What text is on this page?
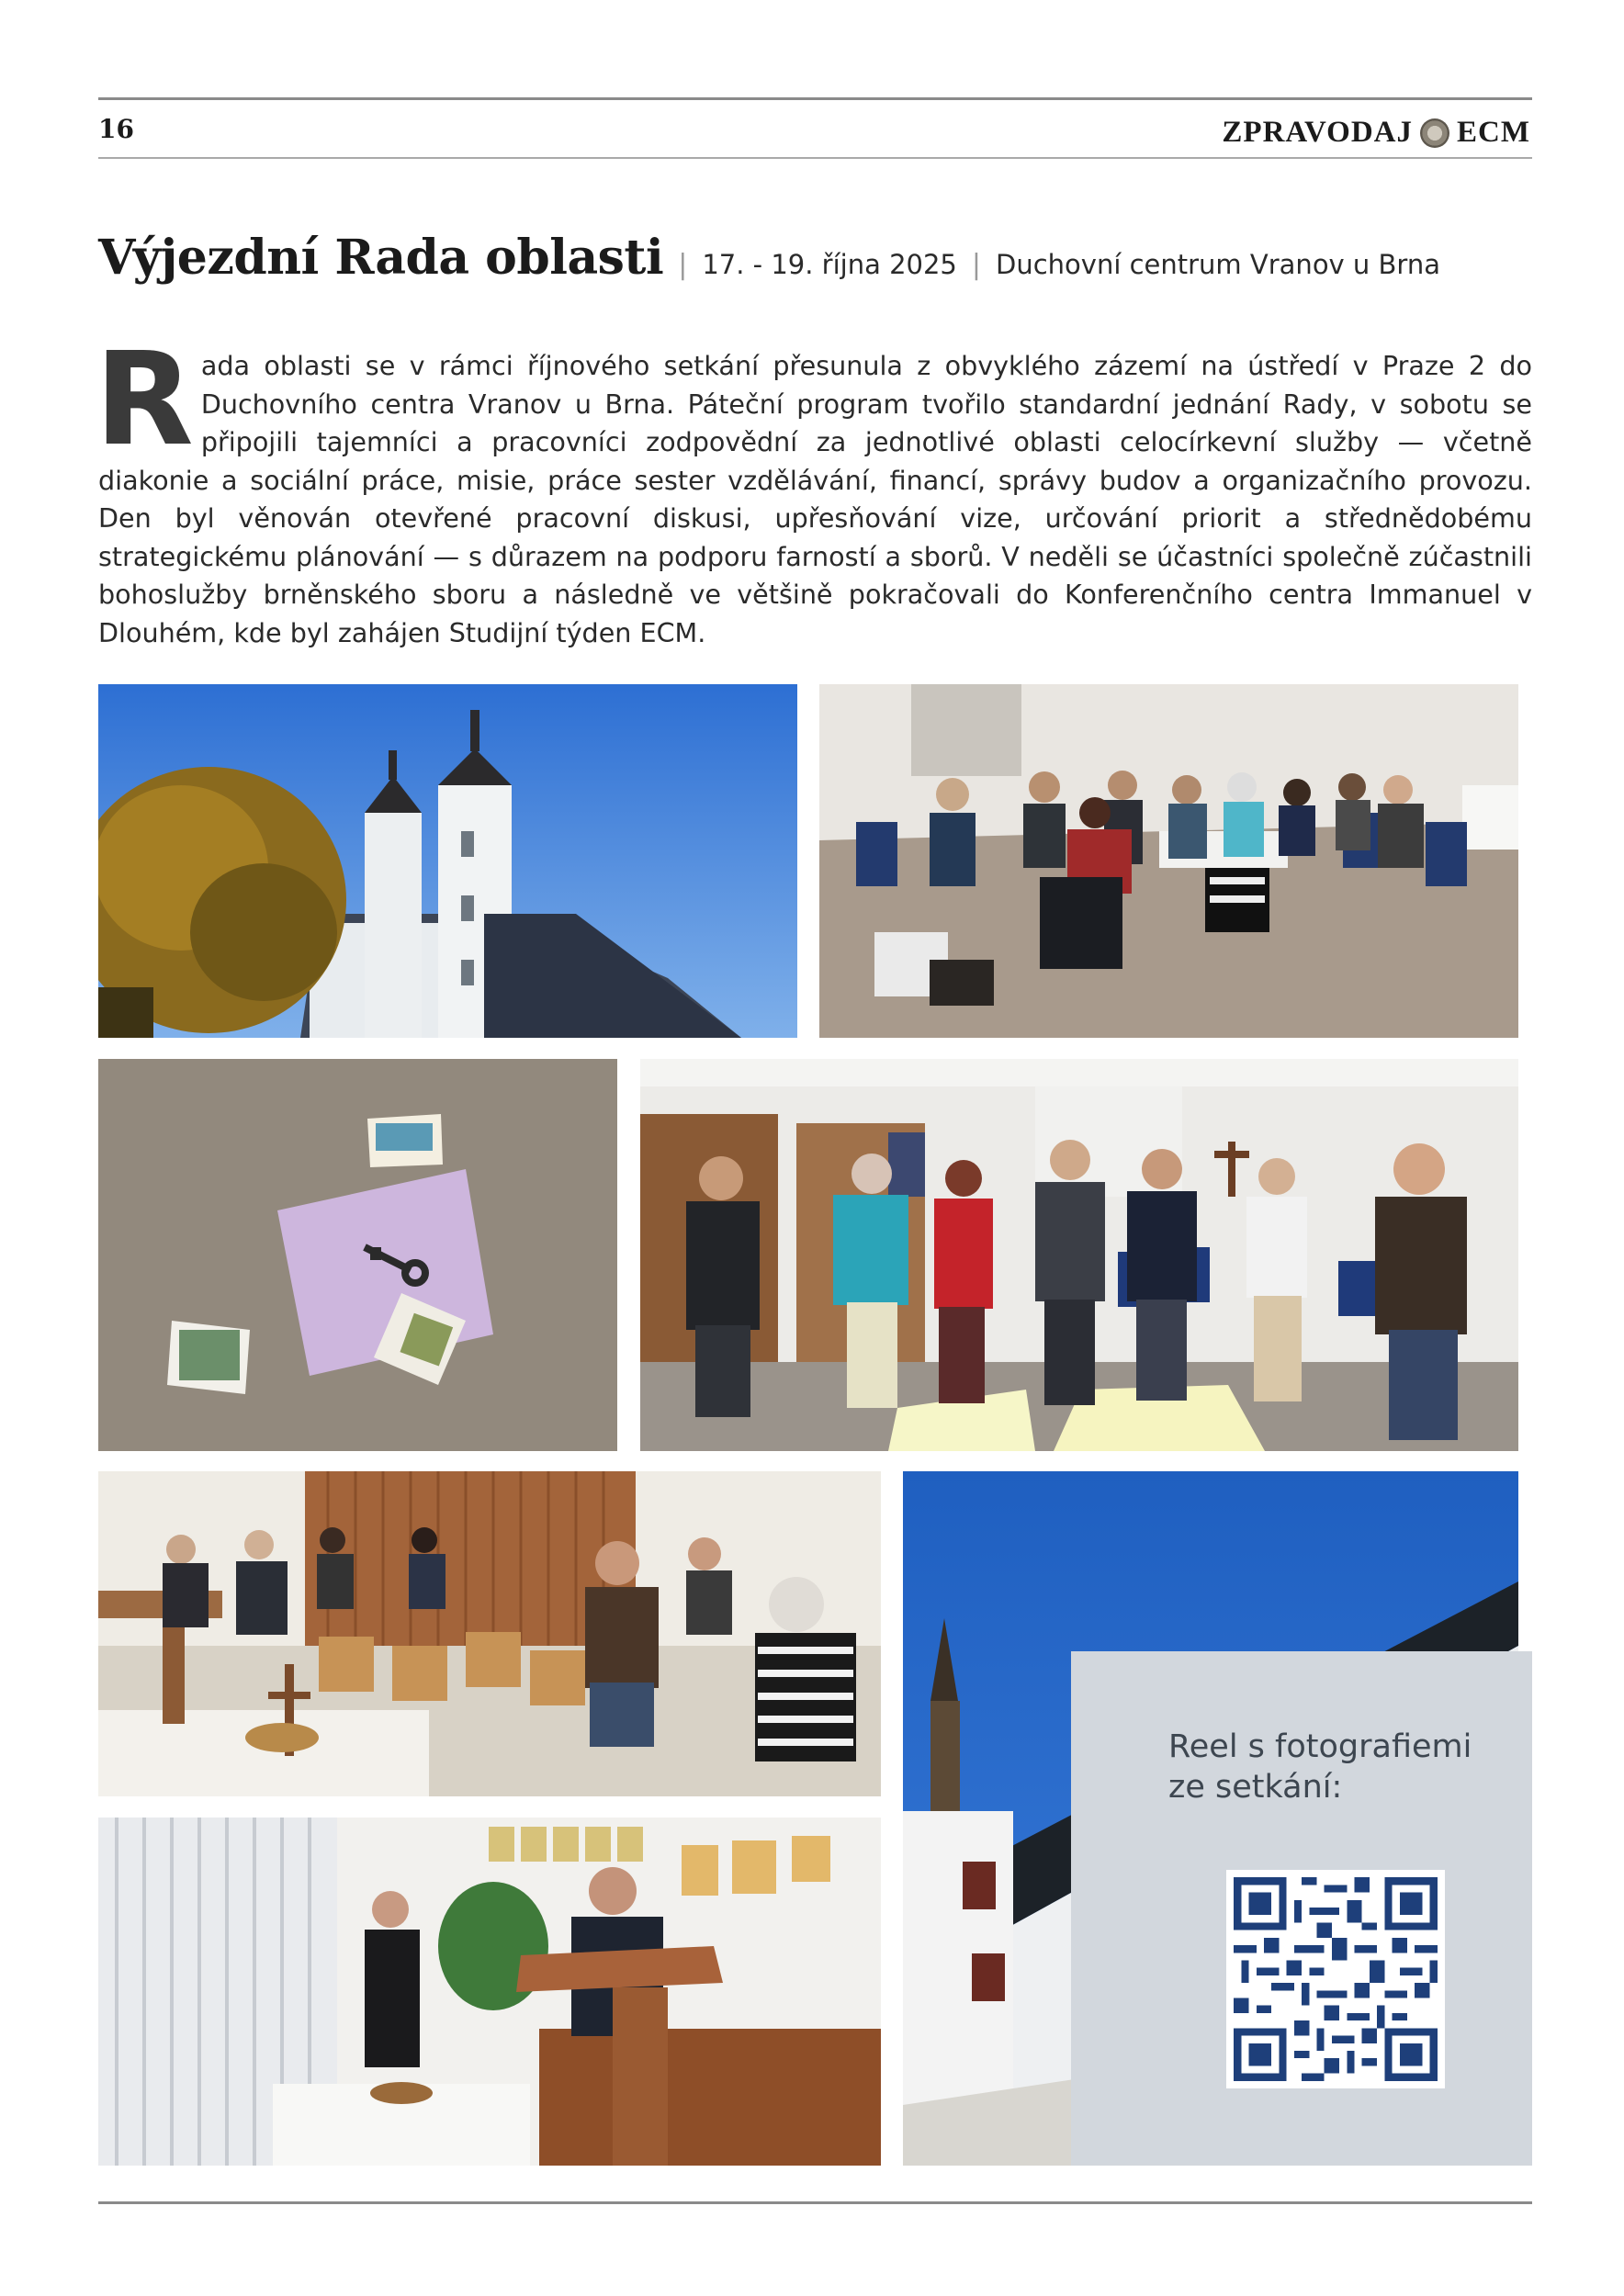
16	ZPRAVODAJ ECM
Výjezdní Rada oblasti | 17. - 19. října 2025 | Duchovní centrum Vranov u Brna

Rada oblasti se v rámci říjnového setkání přesunula z obvyklého zázemí na ústředí v Praze 2 do Duchovního centra Vranov u Brna. Páteční program tvořilo standardní jednání Rady, v sobotu se připojili tajemníci a pracovníci zodpovědní za jednotlivé oblasti celocírkevní služby — včetně diakonie a sociální práce, misie, práce sester vzdělávání, financí, správy budov a organizačního provozu. Den byl věnován otevřené pracovní diskusi, upřesňování vize, určování priorit a střednědobému strategickému plánování — s důrazem na podporu farností a sborů. V neděli se účastníci společně zúčastnili bohoslužby brněnského sboru a následně ve většině pokračovali do Konferenčního centra Immanuel v Dlouhém, kde byl zahájen Studijní týden ECM.

Reel s fotografiemi ze setkání:
